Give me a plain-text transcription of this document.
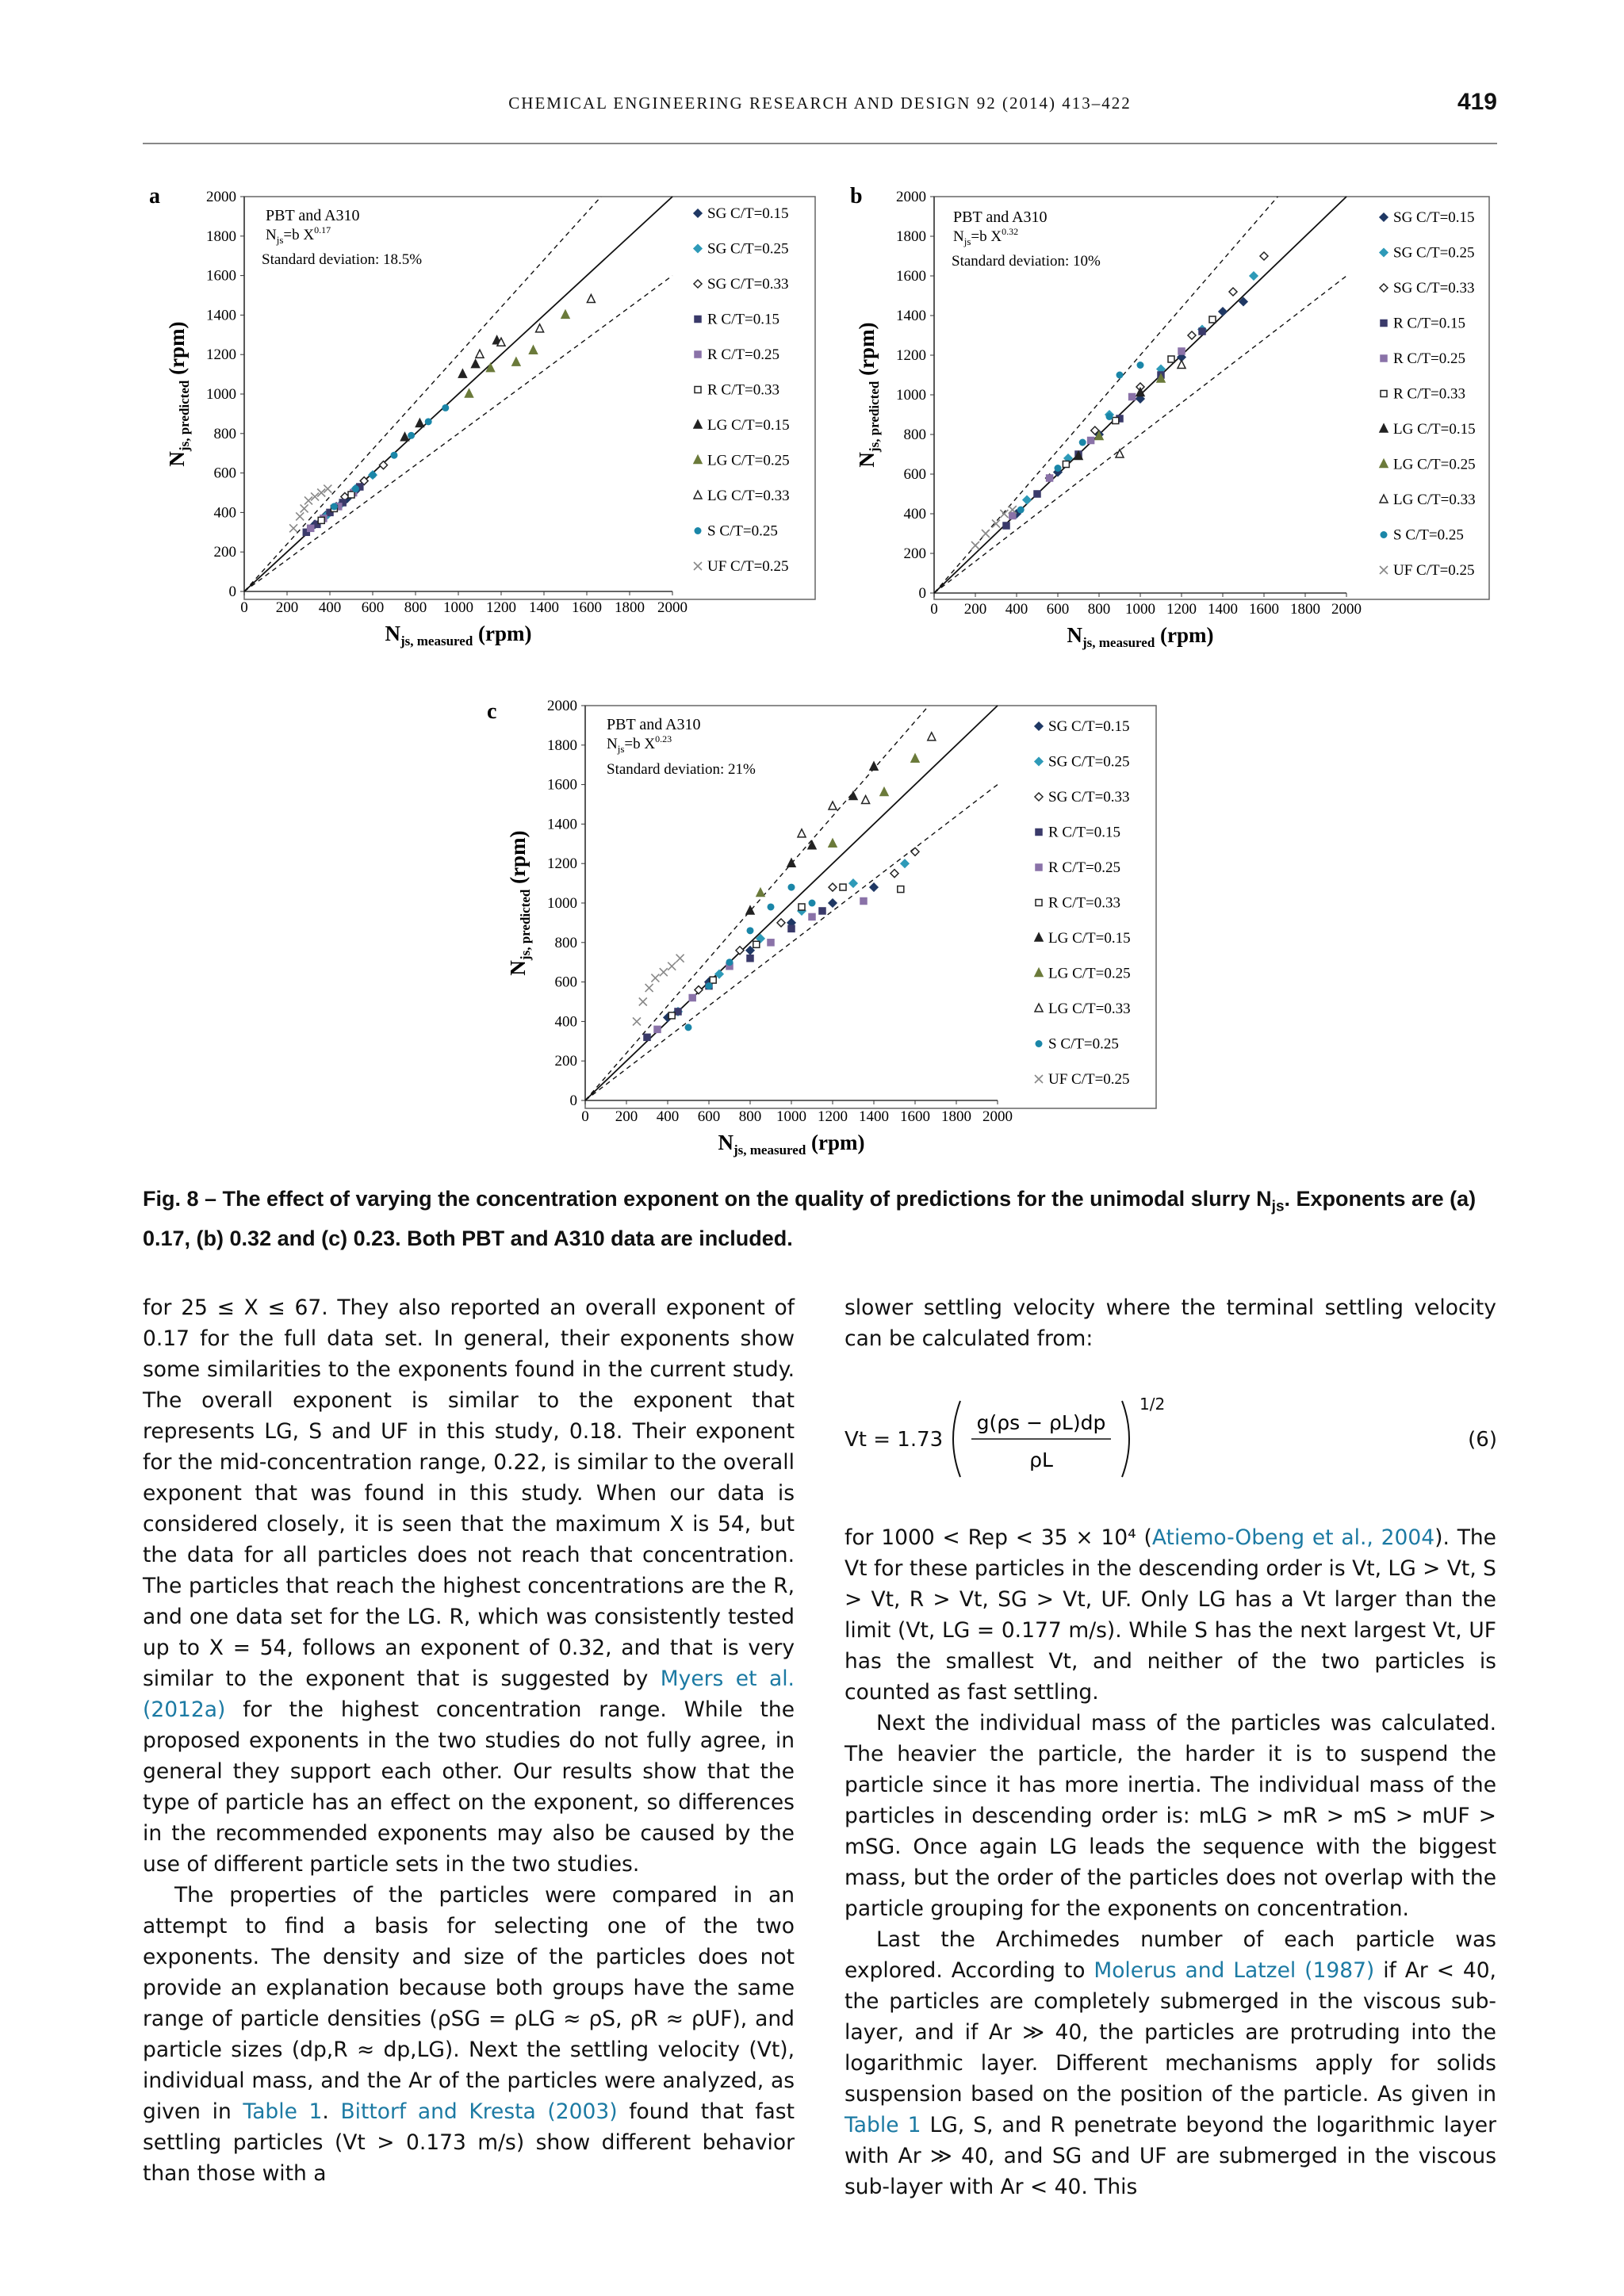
CHEMICAL ENGINEERING RESEARCH AND DESIGN 92 (2014) 413–422	419
a
PBT and A310
$N_{js}=b$ $X^{0.17}$
Standard deviation: 18.5%
0
0
200
200
400
400
600
600
800
800
1000
1000
1200
1200
1400
1400
1600
1600
1800
1800
2000
2000
$N_{js, measured}$ (rpm)
$N_{js, predicted}$ (rpm)
SG C/T=0.15
SG C/T=0.25
SG C/T=0.33
R C/T=0.15
R C/T=0.25
R C/T=0.33
LG C/T=0.15
LG C/T=0.25
LG C/T=0.33
S C/T=0.25
UF C/T=0.25
b
PBT and A310
$N_{js}=b$ $X^{0.32}$
Standard deviation: 10%
0
0
200
200
400
400
600
600
800
800
1000
1000
1200
1200
1400
1400
1600
1600
1800
1800
2000
2000
$N_{js, measured}$ (rpm)
$N_{js, predicted}$ (rpm)
SG C/T=0.15
SG C/T=0.25
SG C/T=0.33
R C/T=0.15
R C/T=0.25
R C/T=0.33
LG C/T=0.15
LG C/T=0.25
LG C/T=0.33
S C/T=0.25
UF C/T=0.25
c
PBT and A310
$N_{js}=b$ $X^{0.23}$
Standard deviation: 21%
0
0
200
200
400
400
600
600
800
800
1000
1000
1200
1200
1400
1400
1600
1600
1800
1800
2000
2000
$N_{js, measured}$ (rpm)
$N_{js, predicted}$ (rpm)
SG C/T=0.15
SG C/T=0.25
SG C/T=0.33
R C/T=0.15
R C/T=0.25
R C/T=0.33
LG C/T=0.15
LG C/T=0.25
LG C/T=0.33
S C/T=0.25
UF C/T=0.25
Fig. 8 – The effect of varying the concentration exponent on the quality of predictions for the unimodal slurry $N_{js}$. Exponents are (a) 0.17, (b) 0.32 and (c) 0.23. Both PBT and A310 data are included.

for 25 ≤ X ≤ 67. They also reported an overall exponent of 0.17 for the full data set. In general, their exponents show some similarities to the exponents found in the current study. The overall exponent is similar to the exponent that represents LG, S and UF in this study, 0.18. Their exponent for the mid-concentration range, 0.22, is similar to the overall exponent that was found in this study. When our data is considered closely, it is seen that the maximum X is 54, but the data for all particles does not reach that concentration. The particles that reach the highest concentrations are the R, and one data set for the LG. R, which was consistently tested up to X = 54, follows an exponent of 0.32, and that is very similar to the exponent that is suggested by Myers et al. (2012a) for the highest concentration range. While the proposed exponents in the two studies do not fully agree, in general they support each other. Our results show that the type of particle has an effect on the exponent, so differences in the recommended exponents may also be caused by the use of different particle sets in the two studies.

The properties of the particles were compared in an attempt to find a basis for selecting one of the two exponents. The density and size of the particles does not provide an explanation because both groups have the same range of particle densities (ρSG = ρLG ≈ ρS, ρR ≈ ρUF), and particle sizes (dp,R ≈ dp,LG). Next the settling velocity (Vt), individual mass, and the Ar of the particles were analyzed, as given in Table 1. Bittorf and Kresta (2003) found that fast settling particles (Vt > 0.173 m/s) show different behavior than those with a

slower settling velocity where the terminal settling velocity can be calculated from:

Vt = 1.73
g(ρs − ρL)dp
ρL
1/2
(6)

for 1000 < Rep < 35 × 10⁴ (Atiemo-Obeng et al., 2004). The Vt for these particles in the descending order is Vt, LG > Vt, S > Vt, R > Vt, SG > Vt, UF. Only LG has a Vt larger than the limit (Vt, LG = 0.177 m/s). While S has the next largest Vt, UF has the smallest Vt, and neither of the two particles is counted as fast settling.

Next the individual mass of the particles was calculated. The heavier the particle, the harder it is to suspend the particle since it has more inertia. The individual mass of the particles in descending order is: mLG > mR > mS > mUF > mSG. Once again LG leads the sequence with the biggest mass, but the order of the particles does not overlap with the particle grouping for the exponents on concentration.

Last the Archimedes number of each particle was explored. According to Molerus and Latzel (1987) if Ar < 40, the particles are completely submerged in the viscous sub-layer, and if Ar ≫ 40, the particles are protruding into the logarithmic layer. Different mechanisms apply for solids suspension based on the position of the particle. As given in Table 1 LG, S, and R penetrate beyond the logarithmic layer with Ar ≫ 40, and SG and UF are submerged in the viscous sub-layer with Ar < 40. This
